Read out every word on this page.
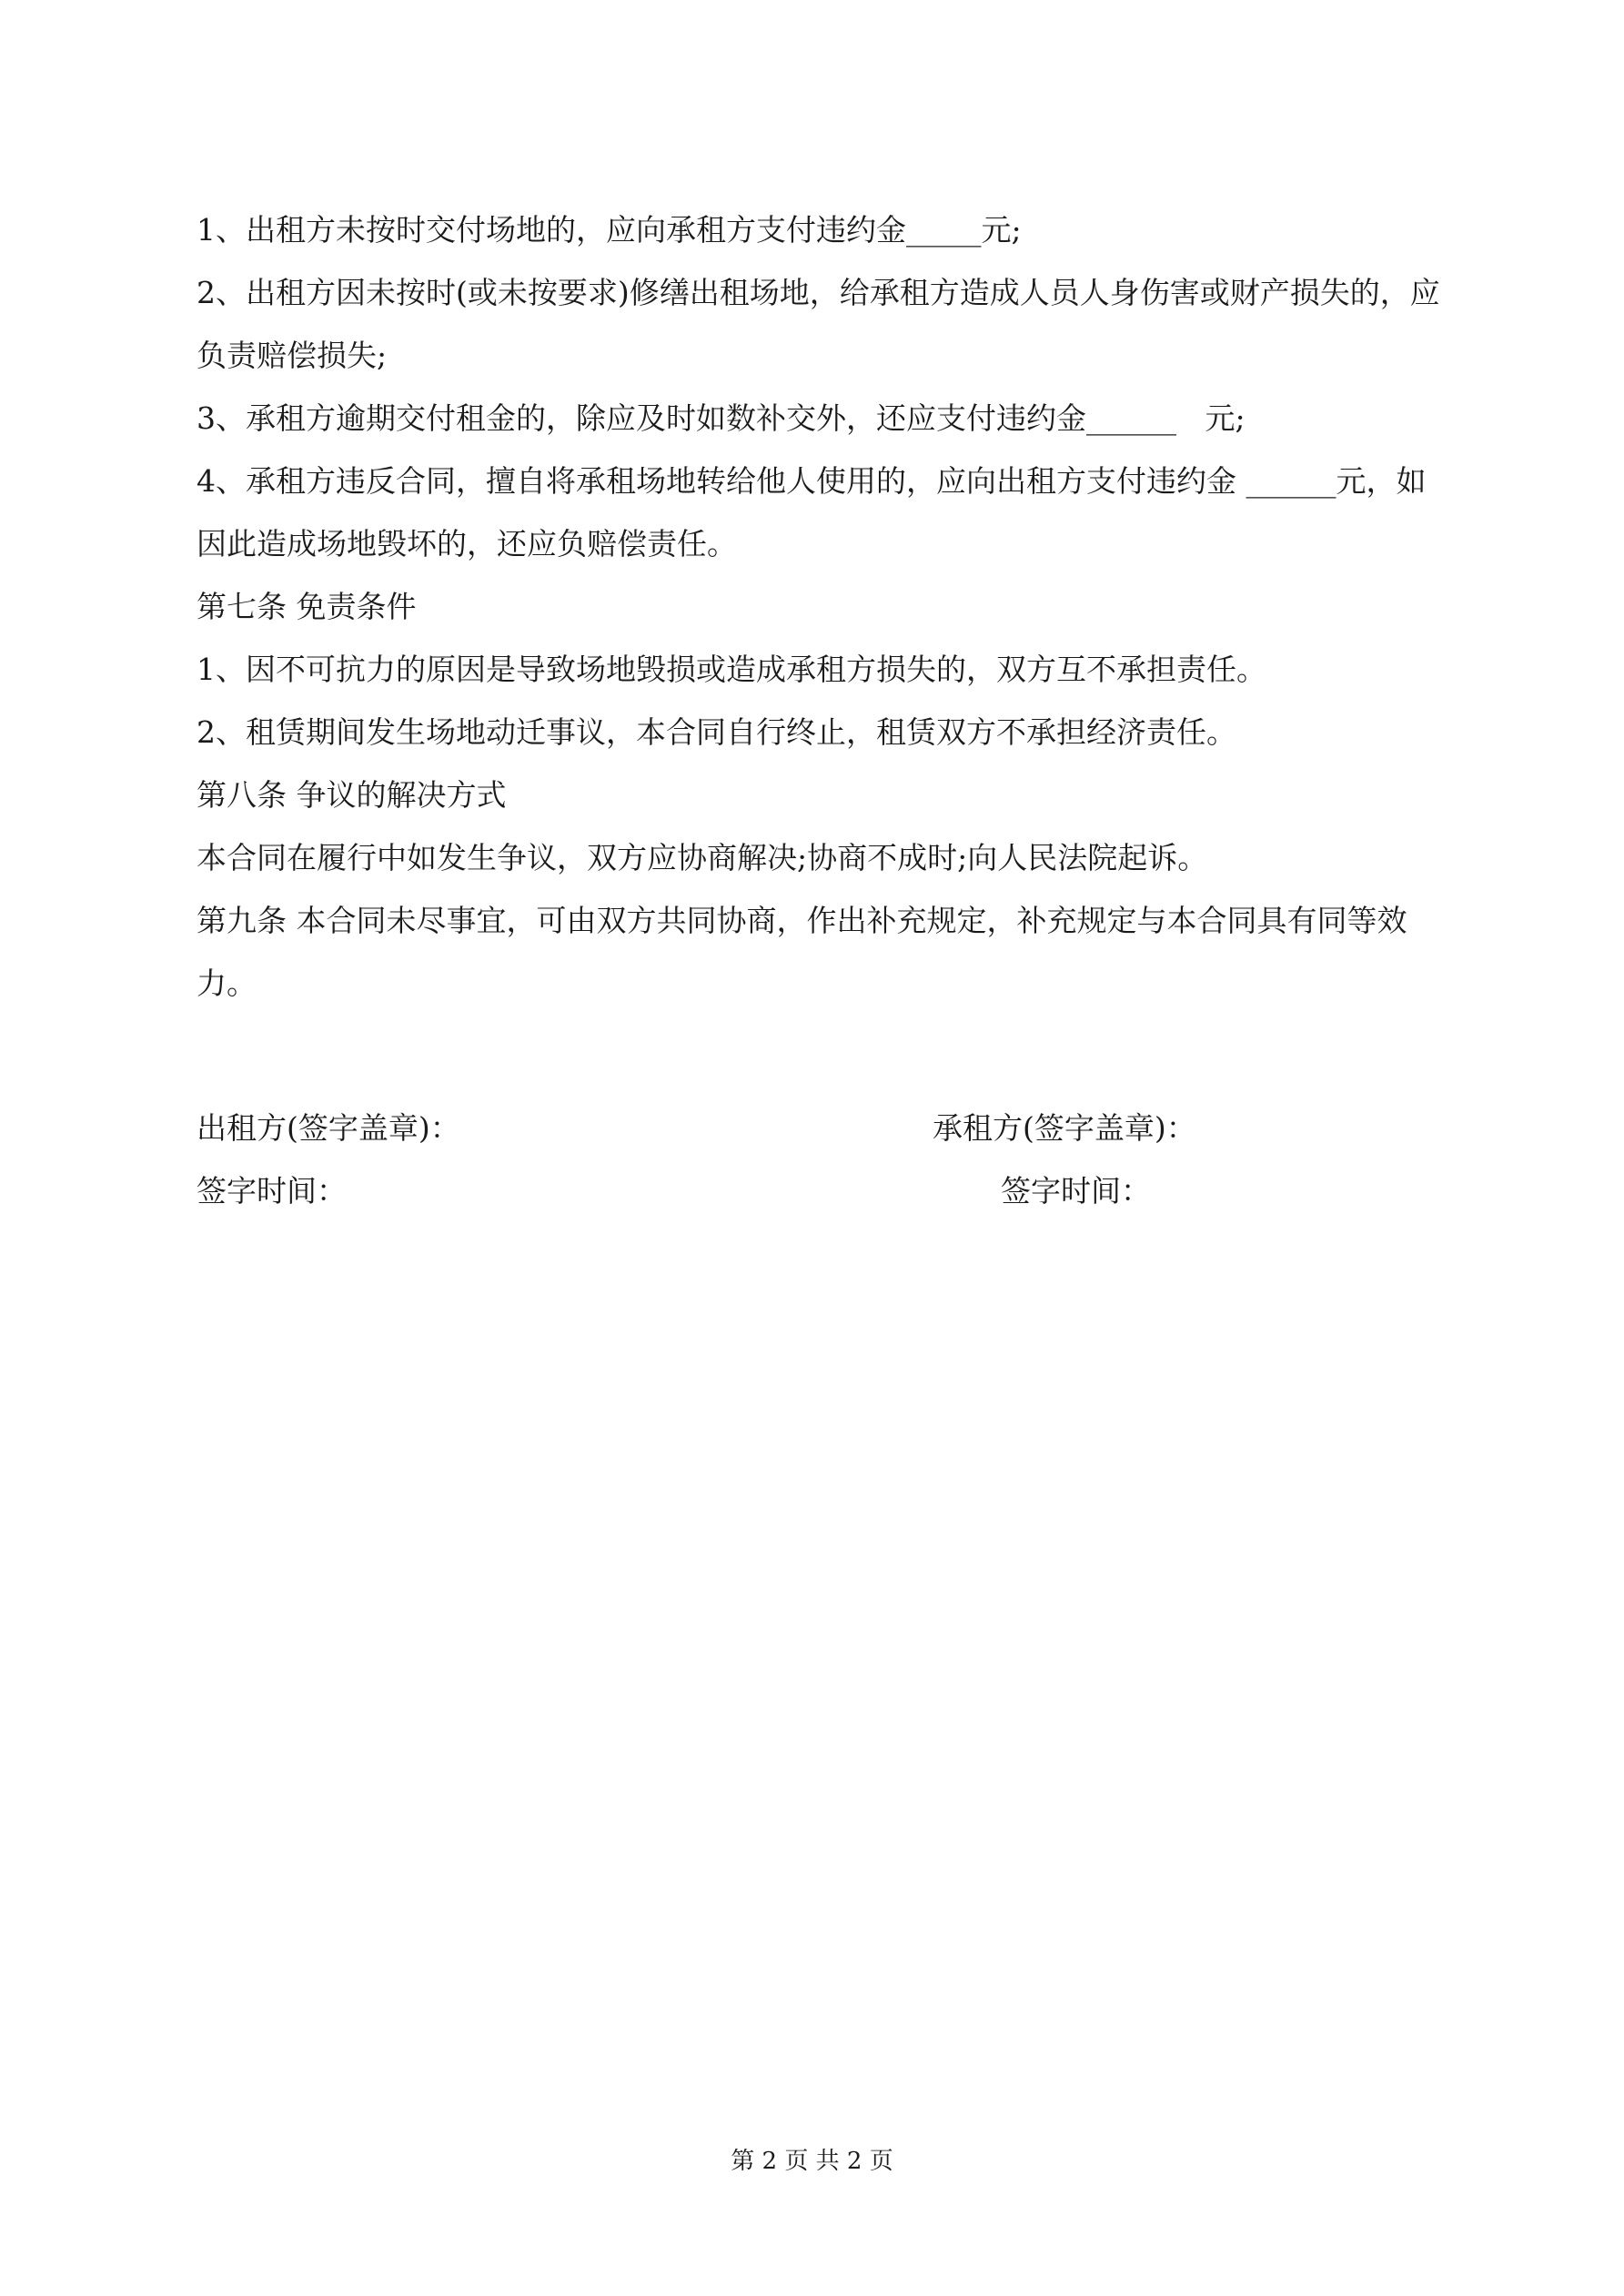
1、出租方未按时交付场地的，应向承租方支付违约金_____元;

2、出租方因未按时(或未按要求)修缮出租场地，给承租方造成人员人身伤害或财产损失的，应负责赔偿损失;

3、承租方逾期交付租金的，除应及时如数补交外，还应支付违约金______   元;

4、承租方违反合同，擅自将承租场地转给他人使用的，应向出租方支付违约金 ______元，如因此造成场地毁坏的，还应负赔偿责任。

第七条 免责条件

1、因不可抗力的原因是导致场地毁损或造成承租方损失的，双方互不承担责任。

2、租赁期间发生场地动迁事议，本合同自行终止，租赁双方不承担经济责任。

第八条 争议的解决方式

本合同在履行中如发生争议，双方应协商解决;协商不成时;向人民法院起诉。

第九条 本合同未尽事宜，可由双方共同协商，作出补充规定，补充规定与本合同具有同等效力。

出租方(签字盖章)：	承租方(签字盖章)：
签字时间：	签字时间：
第 2 页 共 2 页
